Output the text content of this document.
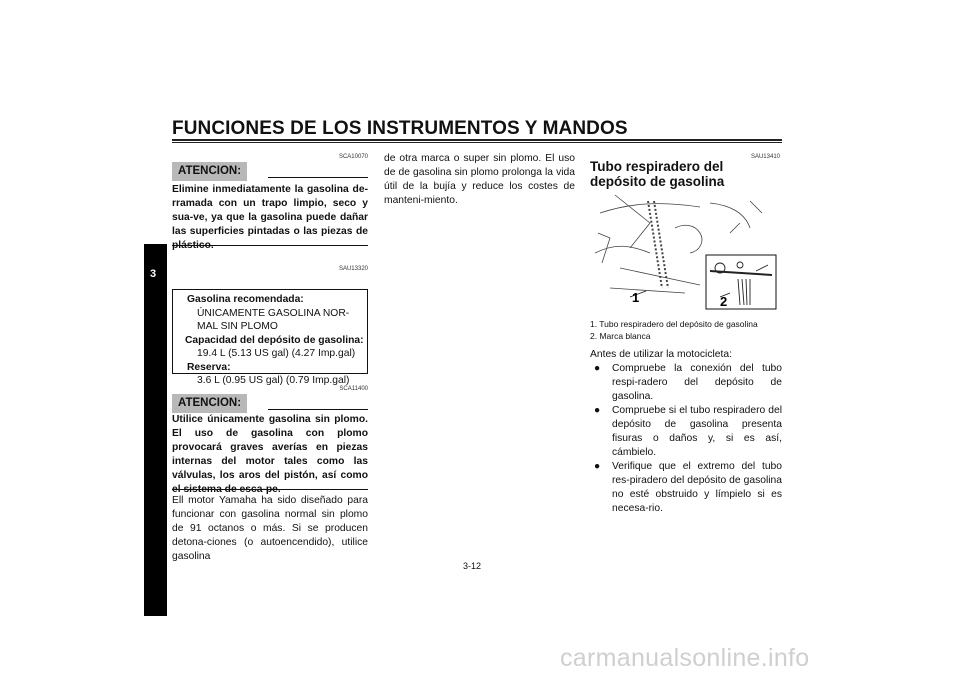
FUNCIONES DE LOS INSTRUMENTOS Y MANDOS
3
SCA10070
ATENCION:
Elimine inmediatamente la gasolina de-rramada con un trapo limpio, seco y sua-ve, ya que la gasolina puede dañar las superficies pintadas o las piezas de
SAU13320
Gasolina recomendada:
ÚNICAMENTE GASOLINA NOR-MAL SIN PLOMO
Capacidad del depósito de gasolina:
19.4 L (5.13 US gal) (4.27 Imp.gal)
Reserva:
3.6 L (0.95 US gal) (0.79 Imp.gal)
SCA11400
ATENCION:
Utilice únicamente gasolina sin plomo. El uso de gasolina con plomo provocará graves averías en piezas internas del motor tales como las válvulas, los aros del pistón, así como
Ell motor Yamaha ha sido diseñado para funcionar con gasolina normal sin plomo de 91 octanos o más. Si se producen detona-ciones (o autoencendido), utilice gasolina
de otra marca o super sin plomo. El uso de de gasolina sin plomo prolonga la vida útil de la bujía y reduce los costes de manteni-miento.
SAU13410
Tubo respiradero del depósito de gasolina
1	2
1. Tubo respiradero del depósito de gasolina
2. Marca blanca
Antes de utilizar la motocicleta:
● Compruebe la conexión del tubo respi-radero del depósito de gasolina.
● Compruebe si el tubo respiradero del depósito de gasolina presenta fisuras o daños y, si es así, cámbielo.
● Verifique que el extremo del tubo res-piradero del depósito de gasolina no esté obstruido y límpielo si es necesa-rio.
3-12
carmanualsonline.info
